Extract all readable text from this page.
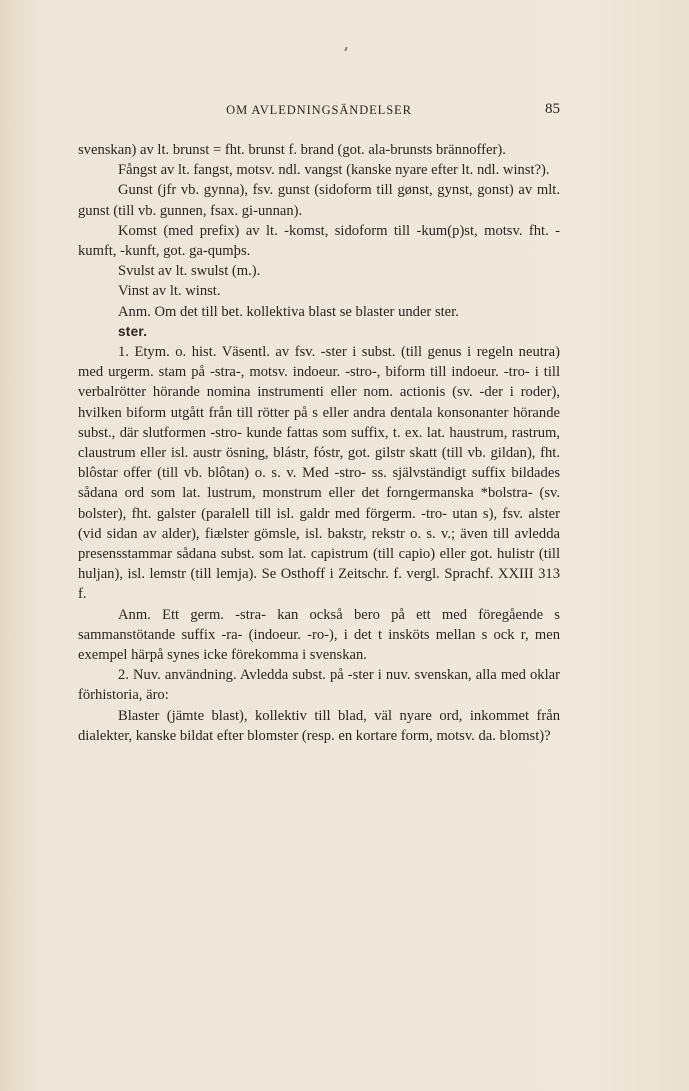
OM AVLEDNINGSÄNDELSER	85

svenskan) av lt. brunst = fht. brunst f. brand (got. ala-brunsts brännoffer).

Fångst av lt. fangst, motsv. ndl. vangst (kanske nyare efter lt. ndl. winst?).

Gunst (jfr vb. gynna), fsv. gunst (sidoform till gønst, gynst, gonst) av mlt. gunst (till vb. gunnen, fsax. gi-unnan).

Komst (med prefix) av lt. -komst, sidoform till -kum(p)st, motsv. fht. -kumft, -kunft, got. ga-qumþs.

Svulst av lt. swulst (m.).

Vinst av lt. winst.

Anm. Om det till bet. kollektiva blast se blaster under ster.

ster.

1. Etym. o. hist. Väsentl. av fsv. -ster i subst. (till genus i regeln neutra) med urgerm. stam på -stra-, motsv. indoeur. -stro-, biform till indoeur. -tro- i till verbalrötter hörande nomina instrumenti eller nom. actionis (sv. -der i roder), hvilken biform utgått från till rötter på s eller andra dentala konsonanter hörande subst., där slutformen -stro- kunde fattas som suffix, t. ex. lat. haustrum, rastrum, claustrum eller isl. austr ösning, blástr, fóstr, got. gilstr skatt (till vb. gildan), fht. blôstar offer (till vb. blôtan) o. s. v. Med -stro- ss. självständigt suffix bildades sådana ord som lat. lustrum, monstrum eller det forngermanska *bolstra- (sv. bolster), fht. galster (paralell till isl. galdr med förgerm. -tro- utan s), fsv. alster (vid sidan av alder), fiælster gömsle, isl. bakstr, rekstr o. s. v.; även till avledda presensstammar sådana subst. som lat. capistrum (till capio) eller got. hulistr (till huljan), isl. lemstr (till lemja). Se Osthoff i Zeitschr. f. vergl. Sprachf. XXIII 313 f.

Anm. Ett germ. -stra- kan också bero på ett med föregående s sammanstötande suffix -ra- (indoeur. -ro-), i det t insköts mellan s ock r, men exempel härpå synes icke förekomma i svenskan.

2. Nuv. användning. Avledda subst. på -ster i nuv. svenskan, alla med oklar förhistoria, äro:

Blaster (jämte blast), kollektiv till blad, väl nyare ord, inkommet från dialekter, kanske bildat efter blomster (resp. en kortare form, motsv. da. blomst)?
